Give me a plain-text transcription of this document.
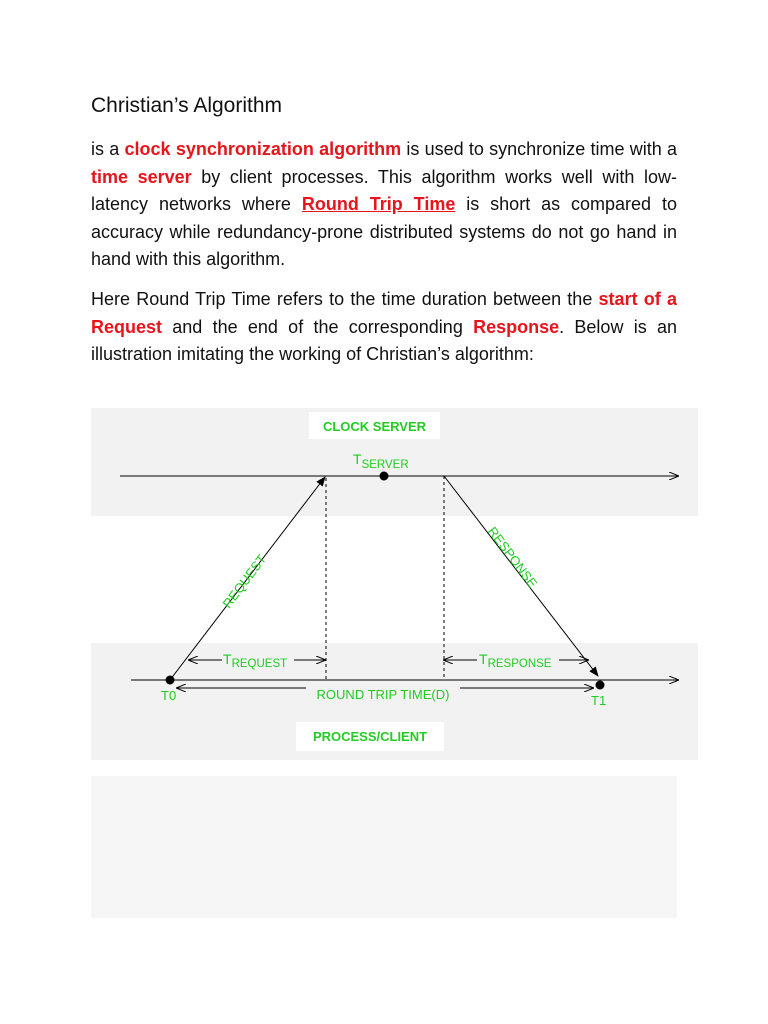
Christian’s Algorithm

is a clock synchronization algorithm is used to synchronize time with a time server by client processes. This algorithm works well with low-latency networks where Round Trip Time is short as compared to accuracy while redundancy-prone distributed systems do not go hand in hand with this algorithm.

Here Round Trip Time refers to the time duration between the start of a Request and the end of the corresponding Response. Below is an illustration imitating the working of Christian’s algorithm:

CLOCK SERVER
PROCESS/CLIENT
$T_{SERVER}$
REQUEST	RESPONSE
$T_{REQUEST}$	$T_{RESPONSE}$
ROUND TRIP TIME(D)
T0	T1
